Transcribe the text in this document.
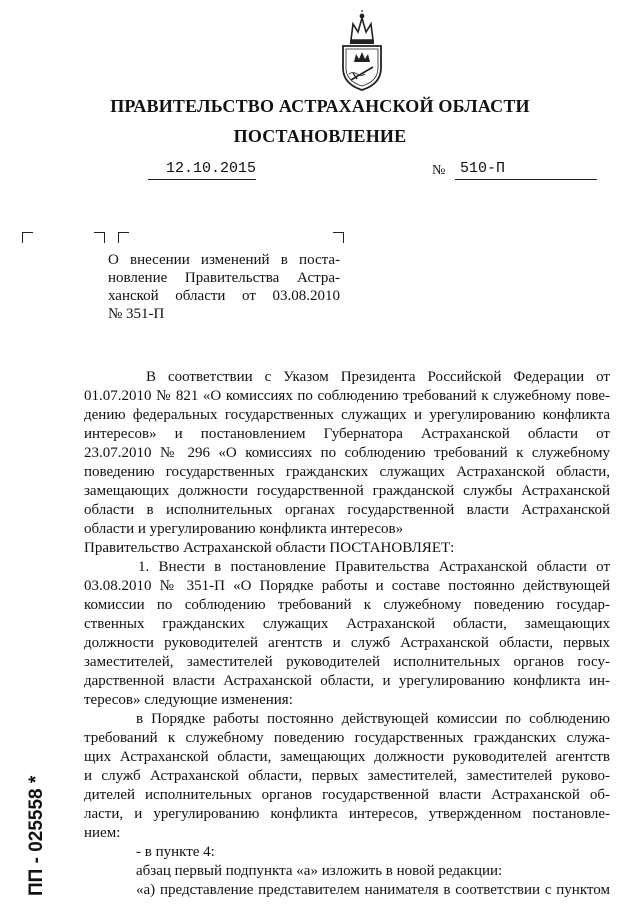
ПРАВИТЕЛЬСТВО АСТРАХАНСКОЙ ОБЛАСТИ
ПОСТАНОВЛЕНИЕ
12.10.2015	№ 510-П
О внесении изменений в поста-
новление Правительства Астра-
ханской области от 03.08.2010
№ 351-П
В соответствии с Указом Президента Российской Федерации от
01.07.2010 № 821 «О комиссиях по соблюдению требований к служебному пове-
дению федеральных государственных служащих и урегулированию конфликта
интересов» и постановлением Губернатора Астраханской области от
23.07.2010 № 296 «О комиссиях по соблюдению требований к служебному
поведению государственных гражданских служащих Астраханской области,
замещающих должности государственной гражданской службы Астраханской
области в исполнительных органах государственной власти Астраханской
области и урегулированию конфликта интересов»
Правительство Астраханской области ПОСТАНОВЛЯЕТ:
1. Внести в постановление Правительства Астраханской области от
03.08.2010 № 351-П «О Порядке работы и составе постоянно действующей
комиссии по соблюдению требований к служебному поведению государ-
ственных гражданских служащих Астраханской области, замещающих
должности руководителей агентств и служб Астраханской области, первых
заместителей, заместителей руководителей исполнительных органов госу-
дарственной власти Астраханской области, и урегулированию конфликта ин-
тересов» следующие изменения:
в Порядке работы постоянно действующей комиссии по соблюдению
требований к служебному поведению государственных гражданских служа-
щих Астраханской области, замещающих должности руководителей агентств
и служб Астраханской области, первых заместителей, заместителей руково-
дителей исполнительных органов государственной власти Астраханской об-
ласти, и урегулированию конфликта интересов, утвержденном постановле-
нием:
- в пункте 4:
абзац первый подпункта «а» изложить в новой редакции:
«а) представление представителем нанимателя в соответствии с пунктом
ПП - 025558 *
